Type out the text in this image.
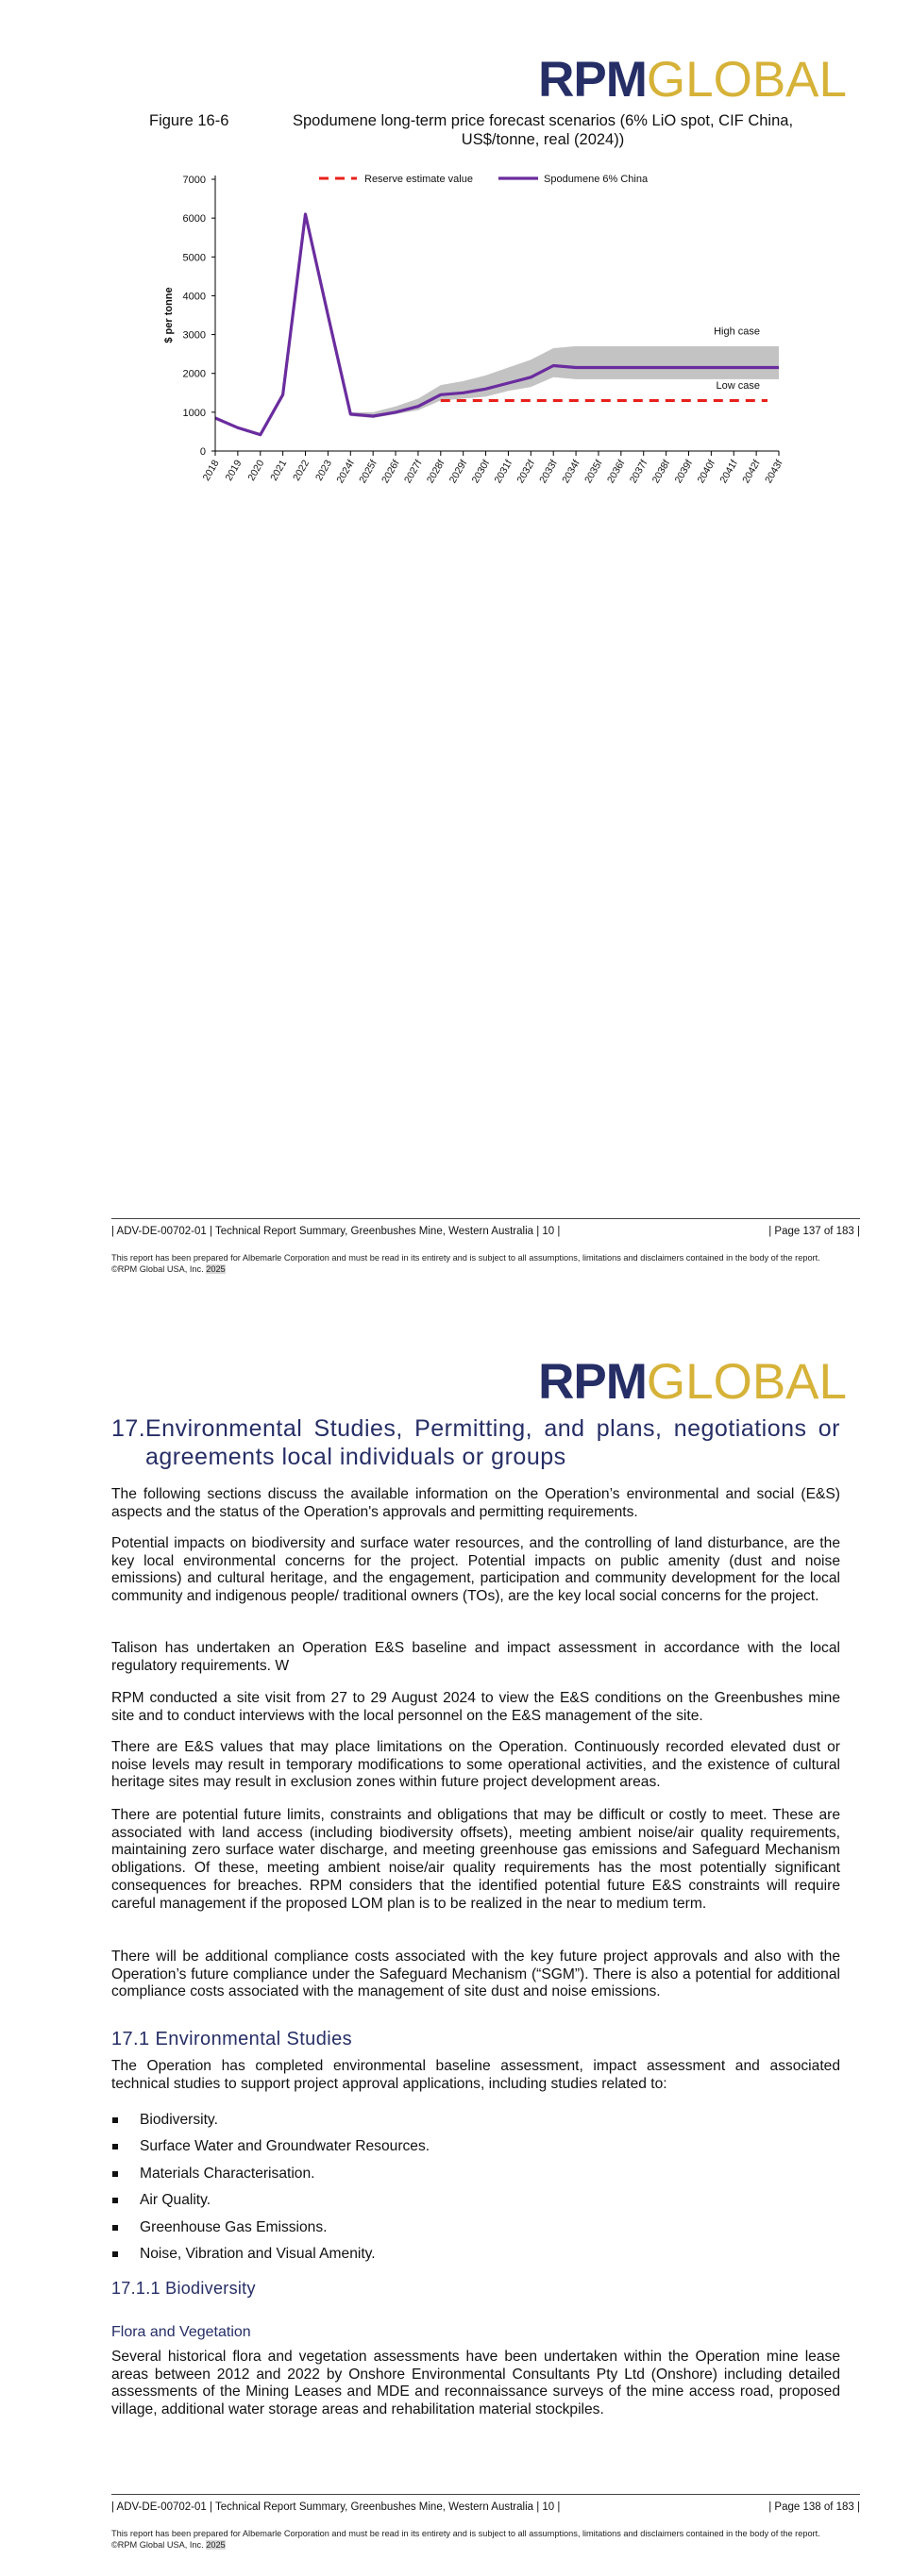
RPMGLOBAL
Figure 16-6	Spodumene long-term price forecast scenarios (6% LiO spot, CIF China, US$/tonne, real (2024))
High case
Low case
0
1000
2000
3000
4000
5000
6000
7000
$ per tonne
2018 2019 2020 2021 2022 2023 2024f 2025f 2026f 2027f 2028f 2029f 2030f 2031f 2032f 2033f 2034f 2035f 2036f 2037f 2038f 2039f 2040f 2041f 2042f 2043f
Reserve estimate value	Spodumene 6% China
| ADV-DE-00702-01 | Technical Report Summary, Greenbushes Mine, Western Australia | 10 |	| Page 137 of 183 |
This report has been prepared for Albemarle Corporation and must be read in its entirety and is subject to all assumptions, limitations and disclaimers contained in the body of the report. ©RPM Global USA, Inc. 2025
RPMGLOBAL
17. Environmental Studies, Permitting, and plans, negotiations or agreements local individuals or groups
The following sections discuss the available information on the Operation’s environmental and social (E&S) aspects and the status of the Operation's approvals and permitting requirements.
Potential impacts on biodiversity and surface water resources, and the controlling of land disturbance, are the key local environmental concerns for the project. Potential impacts on public amenity (dust and noise emissions) and cultural heritage, and the engagement, participation and community development for the local community and indigenous people/ traditional owners (TOs), are the key local social concerns for the project.
Talison has undertaken an Operation E&S baseline and impact assessment in accordance with the local regulatory requirements. W
RPM conducted a site visit from 27 to 29 August 2024 to view the E&S conditions on the Greenbushes mine site and to conduct interviews with the local personnel on the E&S management of the site.
There are E&S values that may place limitations on the Operation. Continuously recorded elevated dust or noise levels may result in temporary modifications to some operational activities, and the existence of cultural heritage sites may result in exclusion zones within future project development areas.
There are potential future limits, constraints and obligations that may be difficult or costly to meet. These are associated with land access (including biodiversity offsets), meeting ambient noise/air quality requirements, maintaining zero surface water discharge, and meeting greenhouse gas emissions and Safeguard Mechanism obligations. Of these, meeting ambient noise/air quality requirements has the most potentially significant consequences for breaches. RPM considers that the identified potential future E&S constraints will require careful management if the proposed LOM plan is to be realized in the near to medium term.
There will be additional compliance costs associated with the key future project approvals and also with the Operation’s future compliance under the Safeguard Mechanism (“SGM”). There is also a potential for additional compliance costs associated with the management of site dust and noise emissions.
17.1 Environmental Studies
The Operation has completed environmental baseline assessment, impact assessment and associated technical studies to support project approval applications, including studies related to:
Biodiversity.
Surface Water and Groundwater Resources.
Materials Characterisation.
Air Quality.
Greenhouse Gas Emissions.
Noise, Vibration and Visual Amenity.
17.1.1 Biodiversity
Flora and Vegetation
Several historical flora and vegetation assessments have been undertaken within the Operation mine lease areas between 2012 and 2022 by Onshore Environmental Consultants Pty Ltd (Onshore) including detailed assessments of the Mining Leases and MDE and reconnaissance surveys of the mine access road, proposed village, additional water storage areas and rehabilitation material stockpiles.
| ADV-DE-00702-01 | Technical Report Summary, Greenbushes Mine, Western Australia | 10 |	| Page 138 of 183 |
This report has been prepared for Albemarle Corporation and must be read in its entirety and is subject to all assumptions, limitations and disclaimers contained in the body of the report. ©RPM Global USA, Inc. 2025
